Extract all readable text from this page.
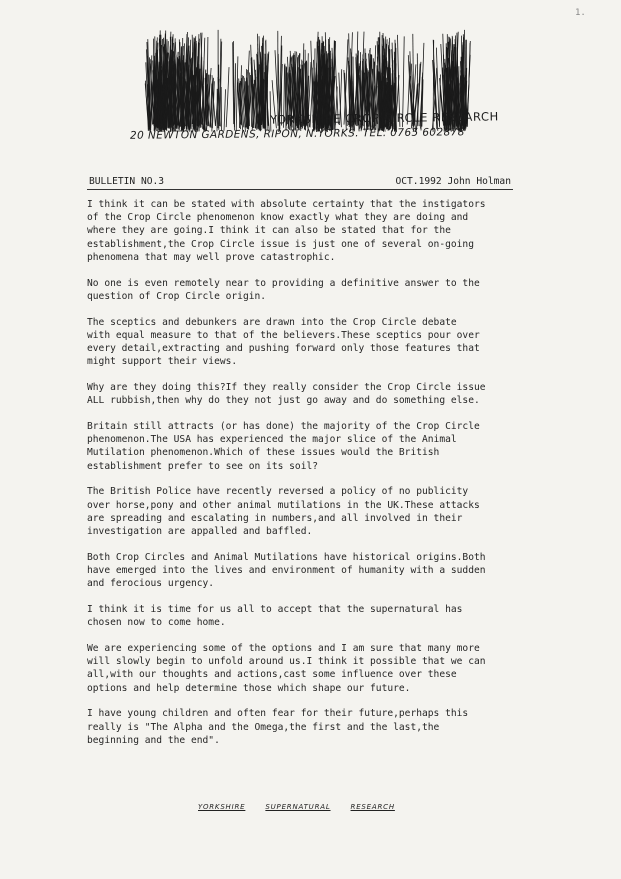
1.
YORKSHIRE CROP CIRCLE RESEARCH
20 NEWTON GARDENS, RIPON, N.YORKS. TEL. 0765 602878
BULLETIN NO.3	OCT.1992 John Holman

I think it can be stated with absolute certainty that the instigators
of the Crop Circle phenomenon know exactly what they are doing and
where they are going.I think it can also be stated that for the
establishment,the Crop Circle issue is just one of several on-going
phenomena that may well prove catastrophic.

No one is even remotely near to providing a definitive answer to the
question of Crop Circle origin.

The sceptics and debunkers are drawn into the Crop Circle debate
with equal measure to that of the believers.These sceptics pour over
every detail,extracting and pushing forward only those features that
might support their views.

Why are they doing this?If they really consider the Crop Circle issue
ALL rubbish,then why do they not just go away and do something else.

Britain still attracts (or has done) the majority of the Crop Circle
phenomenon.The USA has experienced the major slice of the Animal
Mutilation phenomenon.Which of these issues would the British
establishment prefer to see on its soil?

The British Police have recently reversed a policy of no publicity
over horse,pony and other animal mutilations in the UK.These attacks
are spreading and escalating in numbers,and all involved in their
investigation are appalled and baffled.

Both Crop Circles and Animal Mutilations have historical origins.Both
have emerged into the lives and environment of humanity with a sudden
and ferocious urgency.

I think it is time for us all to accept that the supernatural has
chosen now to come home.

We are experiencing some of the options and I am sure that many more
will slowly begin to unfold around us.I think it possible that we can
all,with our thoughts and actions,cast some influence over these
options and help determine those which shape our future.

I have young children and often fear for their future,perhaps this
really is "The Alpha and the Omega,the first and the last,the
beginning and the end".

YORKSHIRE	SUPERNATURAL	RESEARCH
